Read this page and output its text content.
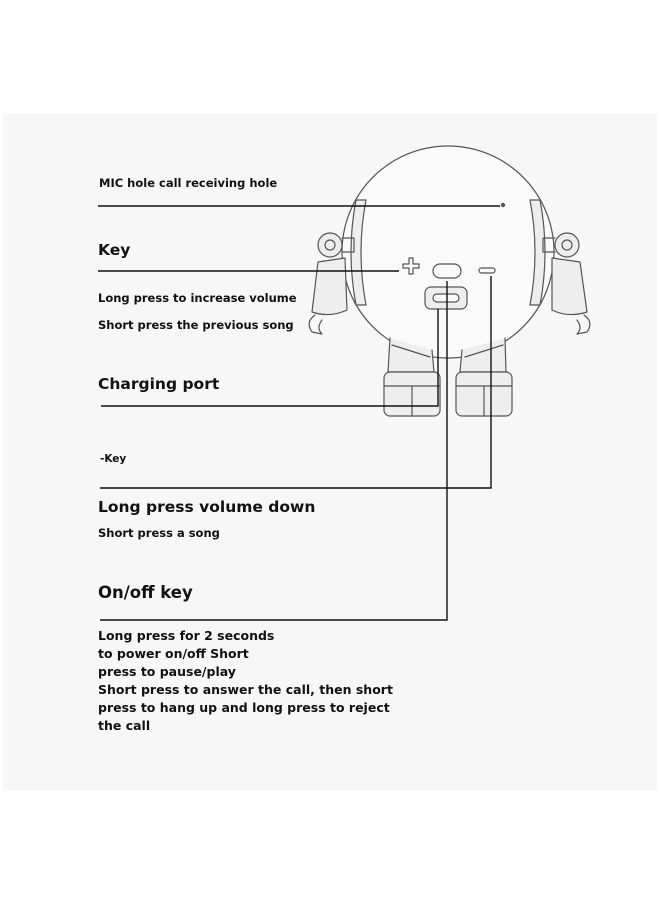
MIC hole call receiving hole
Key
Long press to increase volume
Short press the previous song
Charging port
-Key
Long press volume down
Short press a song
On/off key
Long press for 2 seconds
to power on/off Short
press to pause/play
Short press to answer the call, then short
press to hang up and long press to reject
the call
